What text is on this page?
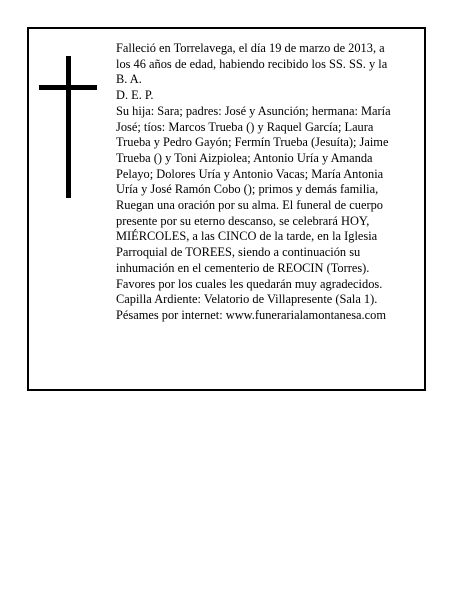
Falleció en Torrelavega, el día 19 de marzo de 2013, a
los 46 años de edad, habiendo recibido los SS. SS. y la
B. A.
D. E. P.
Su hija: Sara; padres: José y Asunción; hermana: María
José; tíos: Marcos Trueba () y Raquel García; Laura
Trueba y Pedro Gayón; Fermín Trueba (Jesuíta); Jaime
Trueba () y Toni Aizpiolea; Antonio Uría y Amanda
Pelayo; Dolores Uría y Antonio Vacas; María Antonia
Uría y José Ramón Cobo (); primos y demás familia,
Ruegan una oración por su alma. El funeral de cuerpo
presente por su eterno descanso, se celebrará HOY,
MIÉRCOLES, a las CINCO de la tarde, en la Iglesia
Parroquial de TOREES, siendo a continuación su
inhumación en el cementerio de REOCIN (Torres).
Favores por los cuales les quedarán muy agradecidos.
Capilla Ardiente: Velatorio de Villapresente (Sala 1).
Pésames por internet: www.funerarialamontanesa.com
